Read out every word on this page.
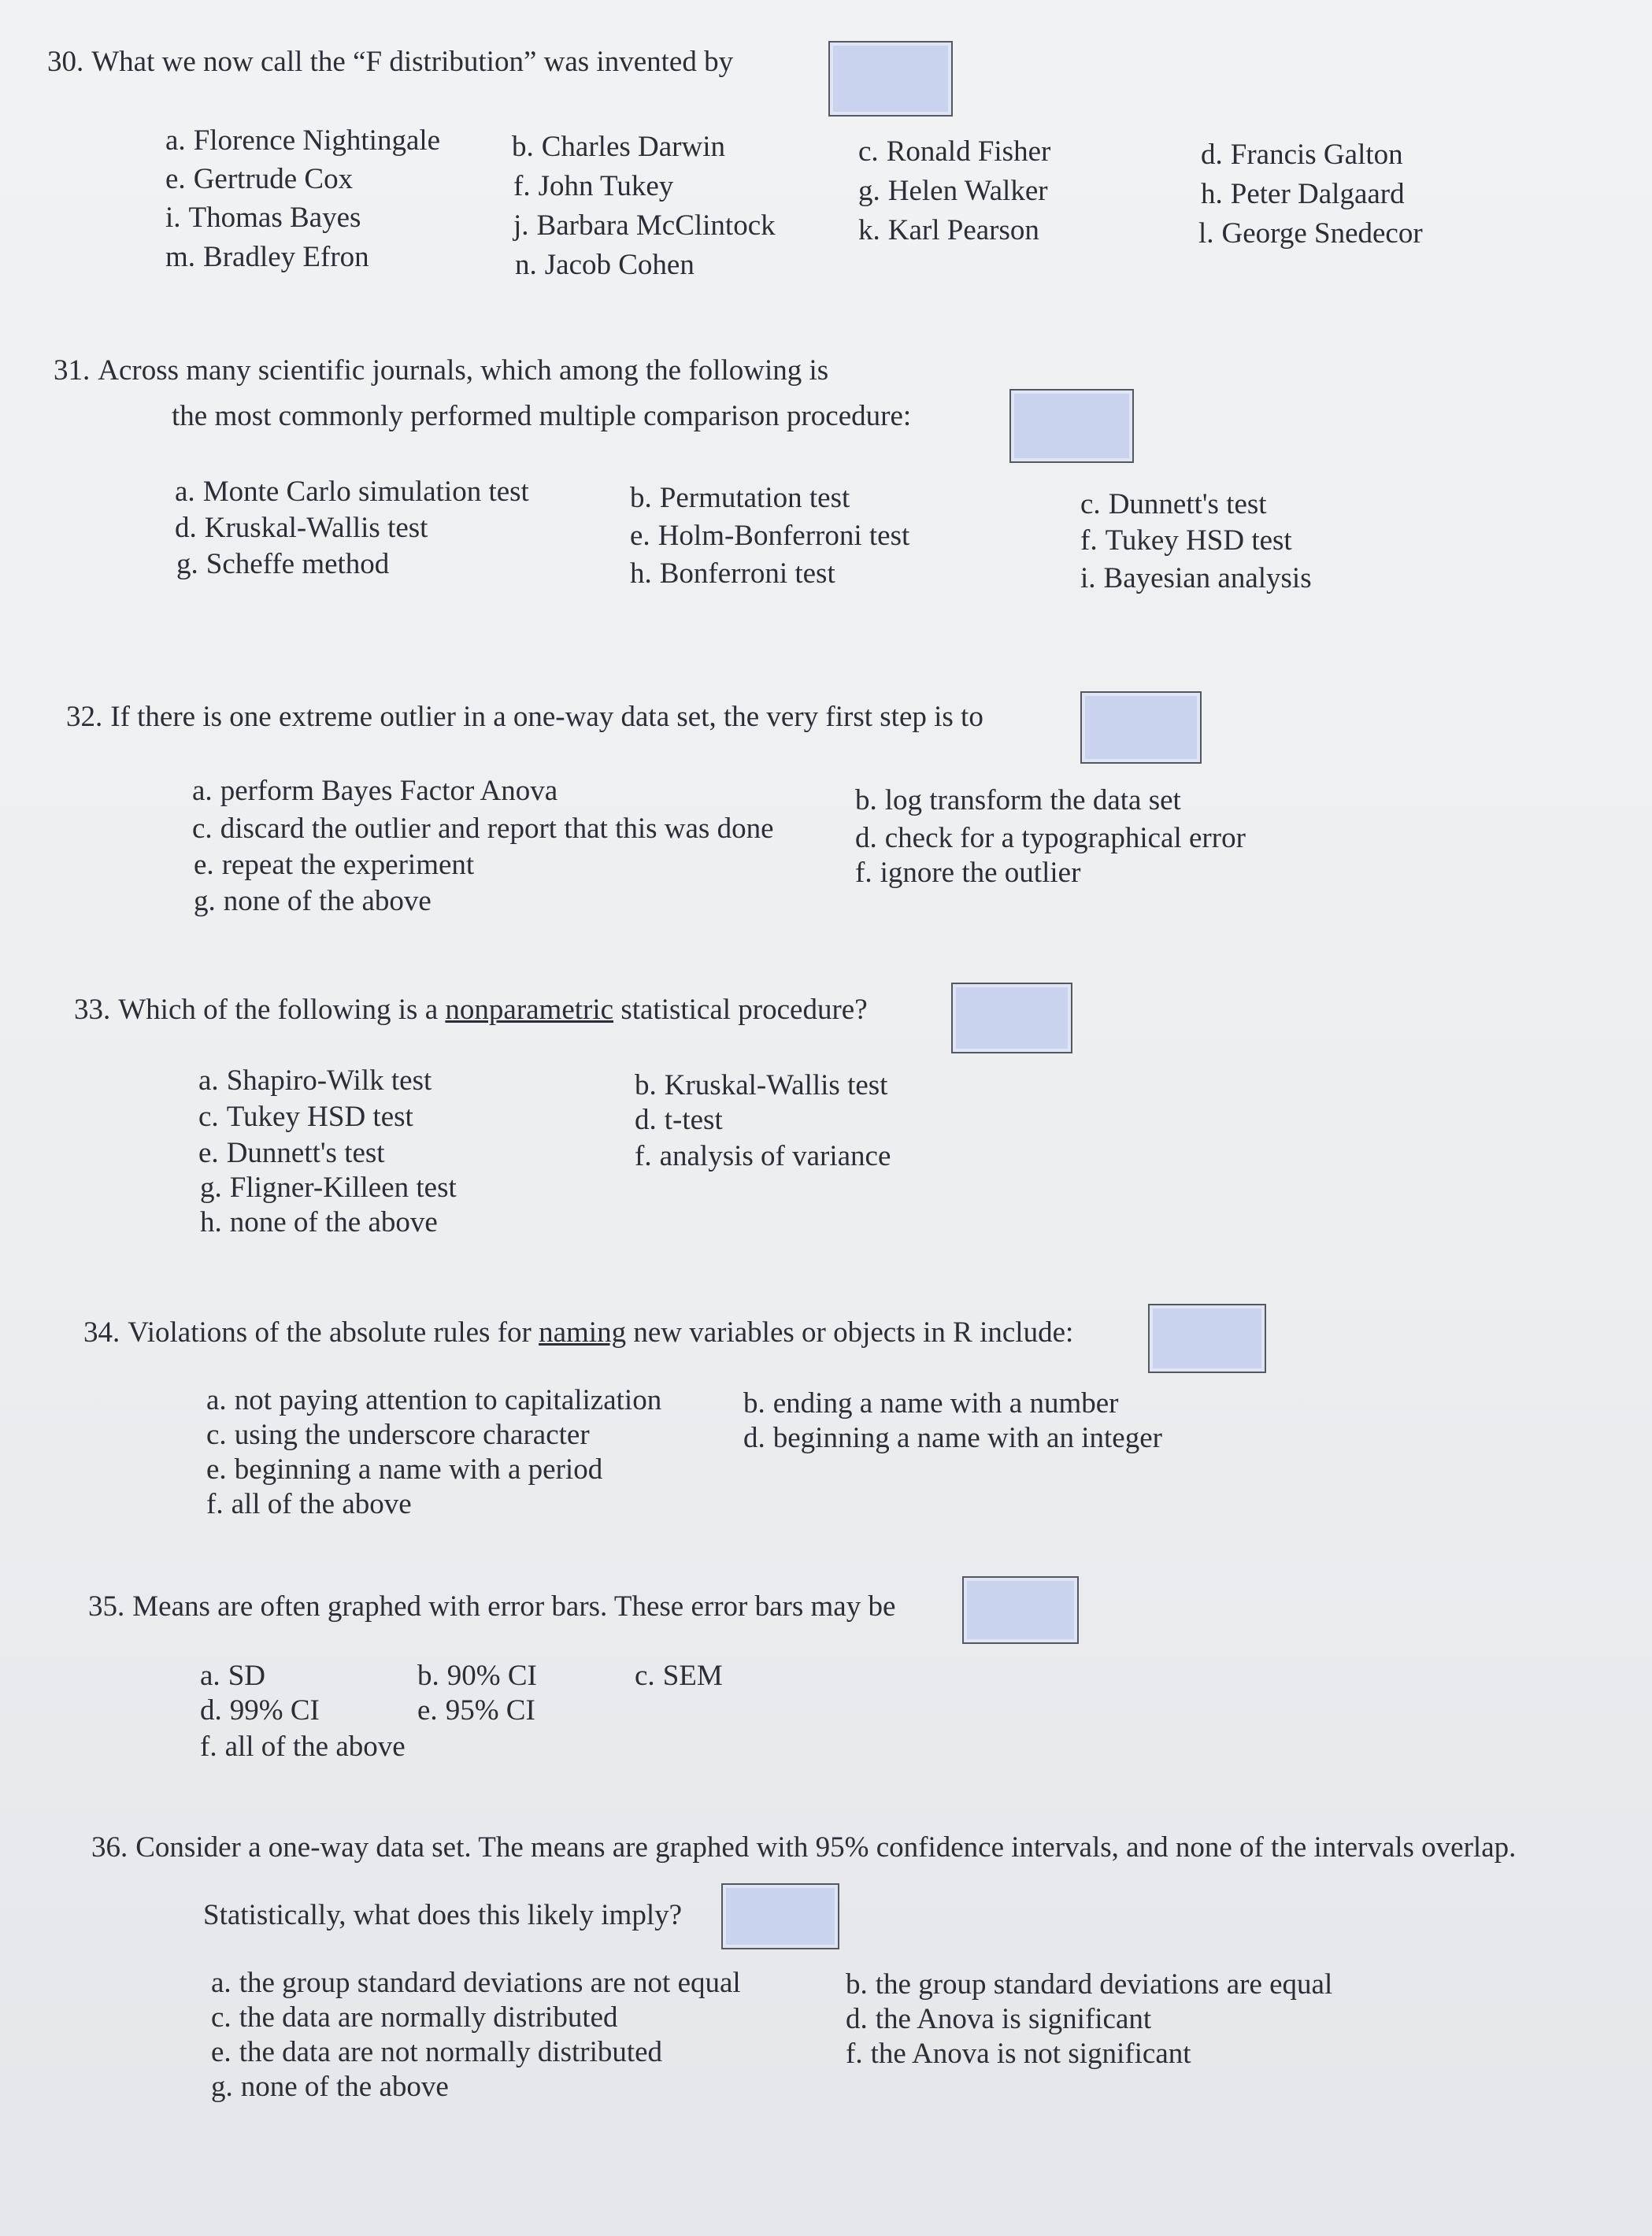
30. What we now call the “F distribution” was invented by
a. Florence Nightingale b. Charles Darwin	c. Ronald Fisher	d. Francis Galton
e. Gertrude Cox	f. John Tukey	g. Helen Walker	h. Peter Dalgaard
i. Thomas Bayes	j. Barbara McClintock	k. Karl Pearson	l. George Snedecor
m. Bradley Efron	n. Jacob Cohen
31. Across many scientific journals, which among the following is
the most commonly performed multiple comparison procedure:
a. Monte Carlo simulation test	b. Permutation test	c. Dunnett's test
d. Kruskal-Wallis test	e. Holm-Bonferroni test	f. Tukey HSD test
g. Scheffe method	h. Bonferroni test	i. Bayesian analysis
32. If there is one extreme outlier in a one-way data set, the very first step is to
a. perform Bayes Factor Anova	b. log transform the data set
c. discard the outlier and report that this was done	d. check for a typographical error
e. repeat the experiment	f. ignore the outlier
g. none of the above
33. Which of the following is a nonparametric statistical procedure?
a. Shapiro-Wilk test	b. Kruskal-Wallis test
c. Tukey HSD test	d. t-test
e. Dunnett's test	f. analysis of variance
g. Fligner-Killeen test
h. none of the above
34. Violations of the absolute rules for naming new variables or objects in R include:
a. not paying attention to capitalization	b. ending a name with a number
c. using the underscore character	d. beginning a name with an integer
e. beginning a name with a period
f. all of the above
35. Means are often graphed with error bars. These error bars may be
a. SD	b. 90% CI	c. SEM
d. 99% CI	e. 95% CI
f. all of the above
36. Consider a one-way data set. The means are graphed with 95% confidence intervals, and none of the intervals overlap.
Statistically, what does this likely imply?
a. the group standard deviations are not equal	b. the group standard deviations are equal
c. the data are normally distributed	d. the Anova is significant
e. the data are not normally distributed	f. the Anova is not significant
g. none of the above
